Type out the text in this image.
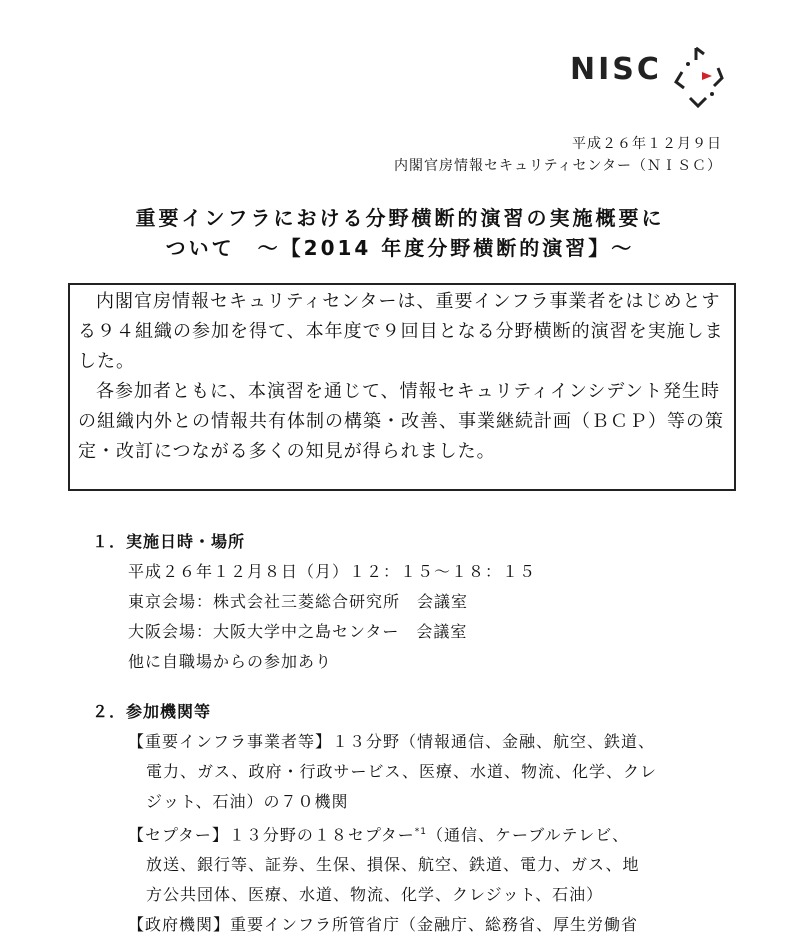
NISC
平成２６年１２月９日
内閣官房情報セキュリティセンター（ＮＩＳＣ）
重要インフラにおける分野横断的演習の実施概要に
ついて　～【2014 年度分野横断的演習】～

内閣官房情報セキュリティセンターは、重要インフラ事業者をはじめとする９４組織の参加を得て、本年度で９回目となる分野横断的演習を実施しました。

各参加者ともに、本演習を通じて、情報セキュリティインシデント発生時の組織内外との情報共有体制の構築・改善、事業継続計画（ＢＣＰ）等の策定・改訂につながる多くの知見が得られました。

１．実施日時・場所
平成２６年１２月８日（月）１２：１５～１８：１５
東京会場：株式会社三菱総合研究所　会議室
大阪会場：大阪大学中之島センター　会議室
他に自職場からの参加あり
２．参加機関等
【重要インフラ事業者等】１３分野（情報通信、金融、航空、鉄道、
電力、ガス、政府・行政サービス、医療、水道、物流、化学、クレ
ジット、石油）の７０機関
【セプター】１３分野の１８セプター$^{*1}$（通信、ケーブルテレビ、
放送、銀行等、証券、生保、損保、航空、鉄道、電力、ガス、地
方公共団体、医療、水道、物流、化学、クレジット、石油）
【政府機関】重要インフラ所管省庁（金融庁、総務省、厚生労働省
